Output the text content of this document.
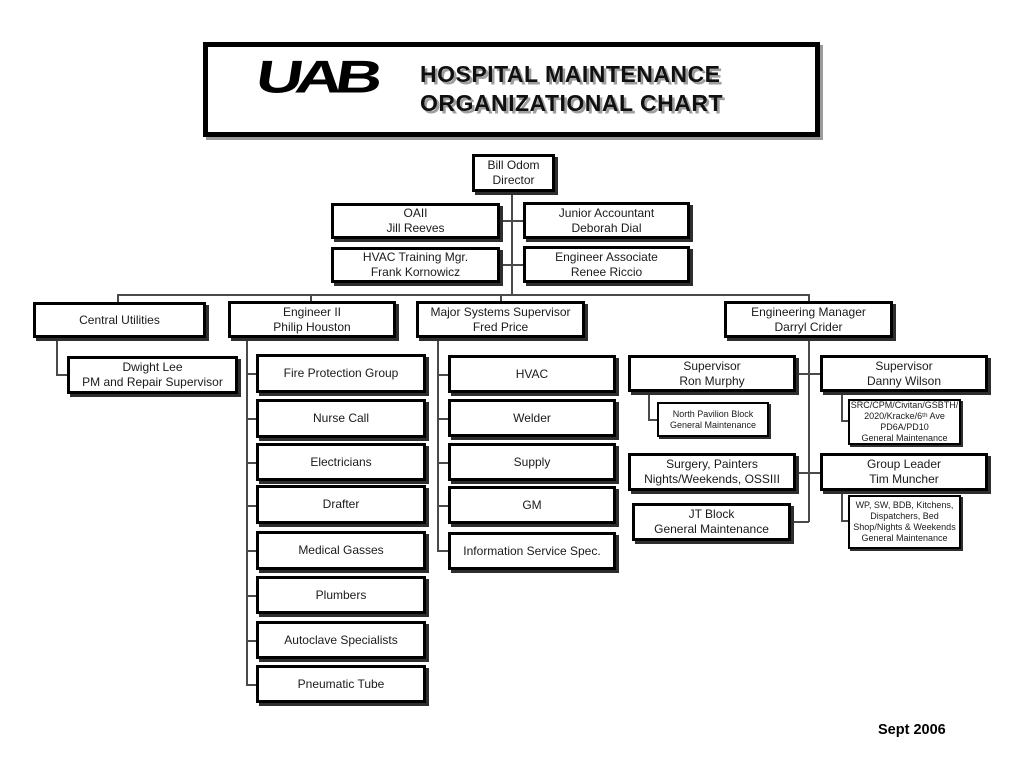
UAB	HOSPITAL MAINTENANCE
ORGANIZATIONAL CHART
Bill Odom
Director
OAII
Jill Reeves
Junior Accountant
Deborah Dial
HVAC Training Mgr.
Frank Kornowicz
Engineer Associate
Renee Riccio
Central Utilities
Engineer II
Philip Houston
Major Systems Supervisor
Fred Price
Engineering Manager
Darryl Crider
Dwight Lee
PM and Repair Supervisor
Fire Protection Group
Nurse Call
Electricians
Drafter
Medical Gasses
Plumbers
Autoclave Specialists
Pneumatic Tube
HVAC
Welder
Supply
GM
Information Service Spec.
Supervisor
Ron Murphy
North Pavilion Block
General Maintenance
Surgery, Painters
Nights/Weekends, OSSIII
JT Block
General Maintenance
Supervisor
Danny Wilson
SRC/CPM/Civitan/GSBTH/
2020/Kracke/6ᵗʰ Ave
PD6A/PD10
General Maintenance
Group Leader
Tim Muncher
WP, SW, BDB, Kitchens,
Dispatchers, Bed
Shop/Nights & Weekends
General Maintenance
Sept 2006
